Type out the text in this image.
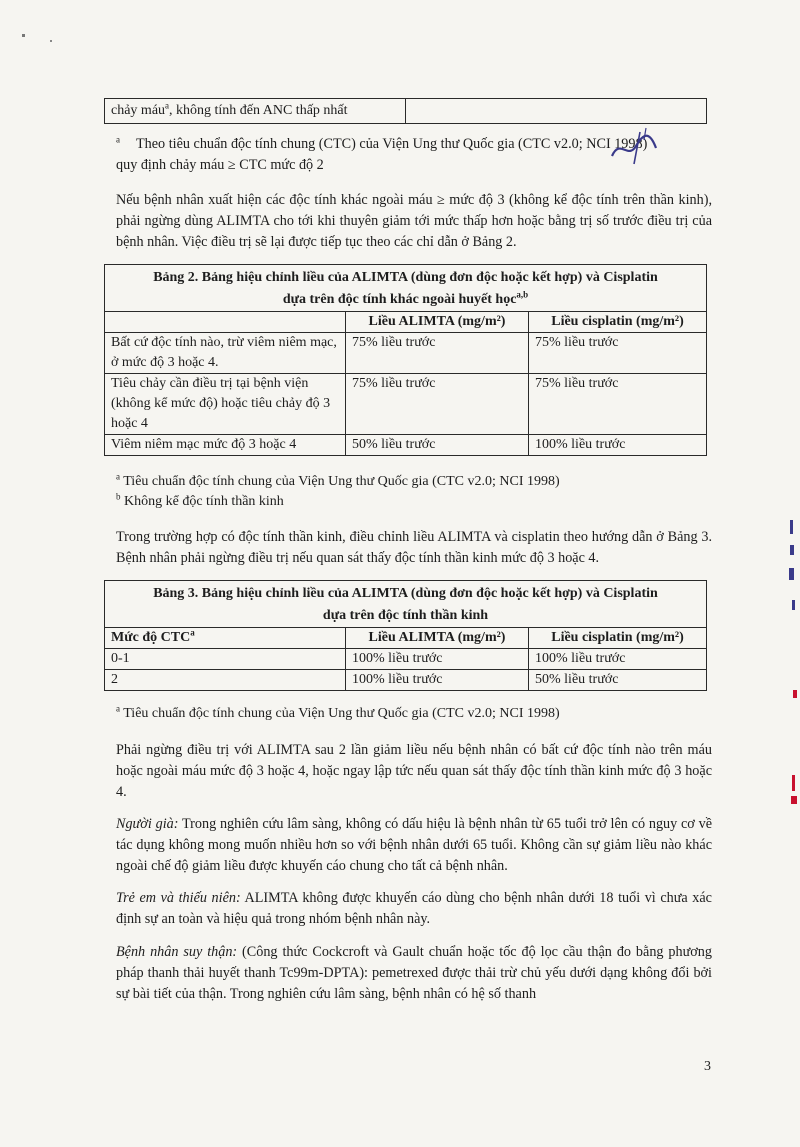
chảy máu$^a$, không tính đến ANC thấp nhất	
$^a$ Theo tiêu chuẩn độc tính chung (CTC) của Viện Ung thư Quốc gia (CTC v2.0; NCI 1998)
quy định chảy máu ≥ CTC mức độ 2

Nếu bệnh nhân xuất hiện các độc tính khác ngoài máu ≥ mức độ 3 (không kể độc tính trên thần kinh), phải ngừng dùng ALIMTA cho tới khi thuyên giảm tới mức thấp hơn hoặc bằng trị số trước điều trị của bệnh nhân. Việc điều trị sẽ lại được tiếp tục theo các chỉ dẫn ở Bảng 2.

Bảng 2. Bảng hiệu chỉnh liều của ALIMTA (dùng đơn độc hoặc kết hợp) và Cisplatin
dựa trên độc tính khác ngoài huyết học$^{a,b}$
	Liều ALIMTA (mg/m²)	Liều cisplatin (mg/m²)
Bất cứ độc tính nào, trừ viêm niêm mạc, ở mức độ 3 hoặc 4.	75% liều trước	75% liều trước
Tiêu chảy cần điều trị tại bệnh viện (không kể mức độ) hoặc tiêu chảy độ 3 hoặc 4	75% liều trước	75% liều trước
Viêm niêm mạc mức độ 3 hoặc 4	50% liều trước	100% liều trước
$^a$ Tiêu chuẩn độc tính chung của Viện Ung thư Quốc gia (CTC v2.0; NCI 1998)
$^b$ Không kể độc tính thần kinh

Trong trường hợp có độc tính thần kinh, điều chỉnh liều ALIMTA và cisplatin theo hướng dẫn ở Bảng 3. Bệnh nhân phải ngừng điều trị nếu quan sát thấy độc tính thần kinh mức độ 3 hoặc 4.

Bảng 3. Bảng hiệu chỉnh liều của ALIMTA (dùng đơn độc hoặc kết hợp) và Cisplatin
dựa trên độc tính thần kinh		
Mức độ CTC$^a$	Liều ALIMTA (mg/m²)	Liều cisplatin (mg/m²)
0-1	100% liều trước	100% liều trước
2	100% liều trước	50% liều trước
$^a$ Tiêu chuẩn độc tính chung của Viện Ung thư Quốc gia (CTC v2.0; NCI 1998)

Phải ngừng điều trị với ALIMTA sau 2 lần giảm liều nếu bệnh nhân có bất cứ độc tính nào trên máu hoặc ngoài máu mức độ 3 hoặc 4, hoặc ngay lập tức nếu quan sát thấy độc tính thần kinh mức độ 3 hoặc 4.

Người già: Trong nghiên cứu lâm sàng, không có dấu hiệu là bệnh nhân từ 65 tuổi trở lên có nguy cơ về tác dụng không mong muốn nhiều hơn so với bệnh nhân dưới 65 tuổi. Không cần sự giảm liều nào khác ngoài chế độ giảm liều được khuyến cáo chung cho tất cả bệnh nhân.

Trẻ em và thiếu niên: ALIMTA không được khuyến cáo dùng cho bệnh nhân dưới 18 tuổi vì chưa xác định sự an toàn và hiệu quả trong nhóm bệnh nhân này.

Bệnh nhân suy thận: (Công thức Cockcroft và Gault chuẩn hoặc tốc độ lọc cầu thận đo bằng phương pháp thanh thải huyết thanh Tc99m-DPTA): pemetrexed được thải trừ chủ yếu dưới dạng không đổi bởi sự bài tiết của thận. Trong nghiên cứu lâm sàng, bệnh nhân có hệ số thanh

3
